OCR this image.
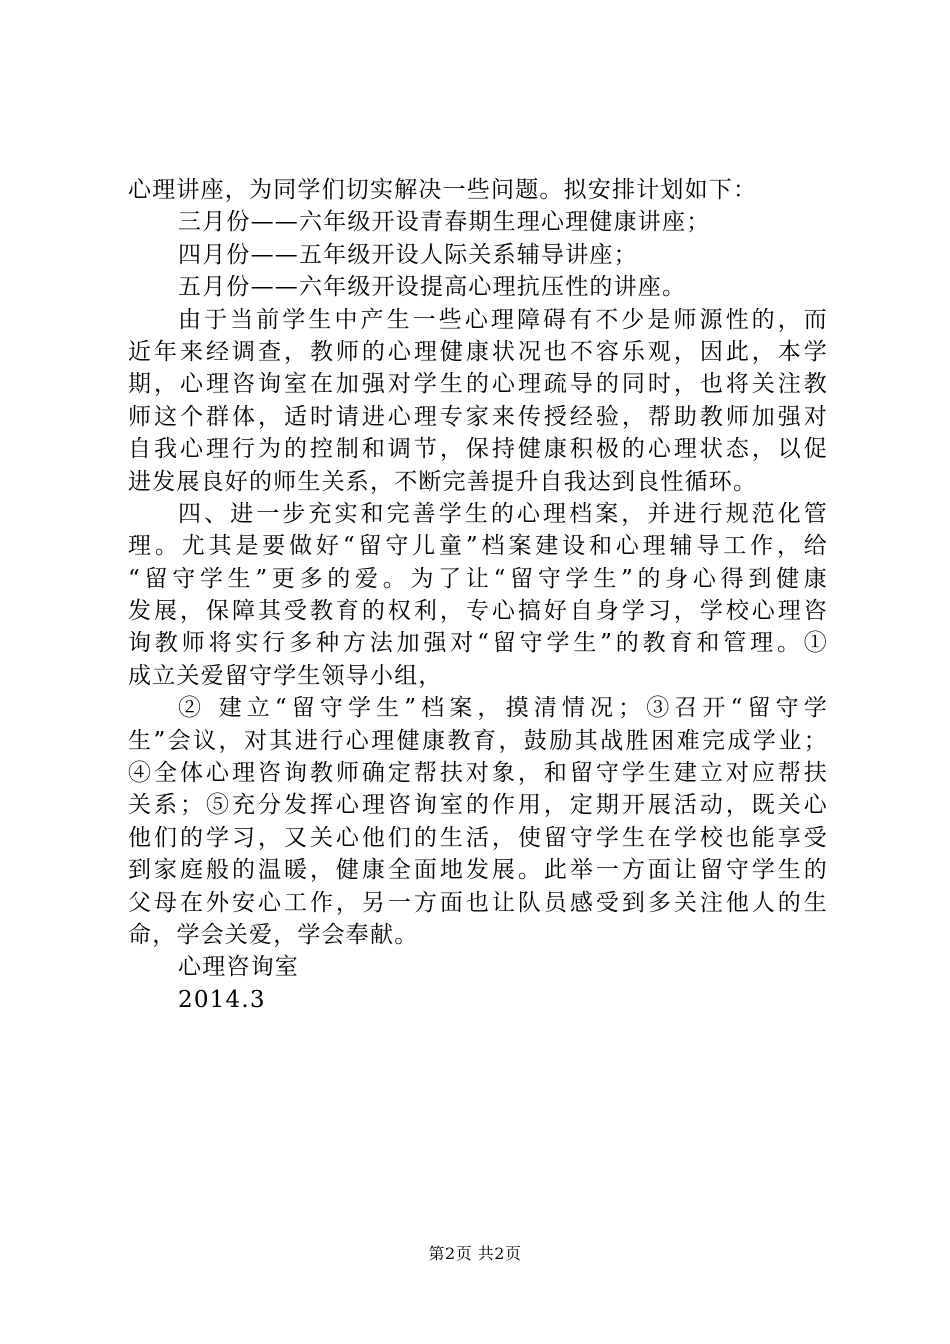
心理讲座，为同学们切实解决一些问题。拟安排计划如下：
三月份——六年级开设青春期生理心理健康讲座；
四月份——五年级开设人际关系辅导讲座；
五月份——六年级开设提高心理抗压性的讲座。
由于当前学生中产生一些心理障碍有不少是师源性的，而
近年来经调查，教师的心理健康状况也不容乐观，因此，本学
期，心理咨询室在加强对学生的心理疏导的同时，也将关注教
师这个群体，适时请进心理专家来传授经验，帮助教师加强对
自我心理行为的控制和调节，保持健康积极的心理状态，以促
进发展良好的师生关系，不断完善提升自我达到良性循环。
四、进一步充实和完善学生的心理档案，并进行规范化管
理。尤其是要做好“留守儿童”档案建设和心理辅导工作，给
“留守学生”更多的爱。为了让“留守学生”的身心得到健康
发展，保障其受教育的权利，专心搞好自身学习，学校心理咨
询教师将实行多种方法加强对“留守学生”的教育和管理。①
成立关爱留守学生领导小组，
② 建立“留守学生”档案，摸清情况；③召开“留守学
生”会议，对其进行心理健康教育，鼓励其战胜困难完成学业；
④全体心理咨询教师确定帮扶对象，和留守学生建立对应帮扶
关系；⑤充分发挥心理咨询室的作用，定期开展活动，既关心
他们的学习，又关心他们的生活，使留守学生在学校也能享受
到家庭般的温暖，健康全面地发展。此举一方面让留守学生的
父母在外安心工作，另一方面也让队员感受到多关注他人的生
命，学会关爱，学会奉献。
心理咨询室
2014.3
第2页 共2页
